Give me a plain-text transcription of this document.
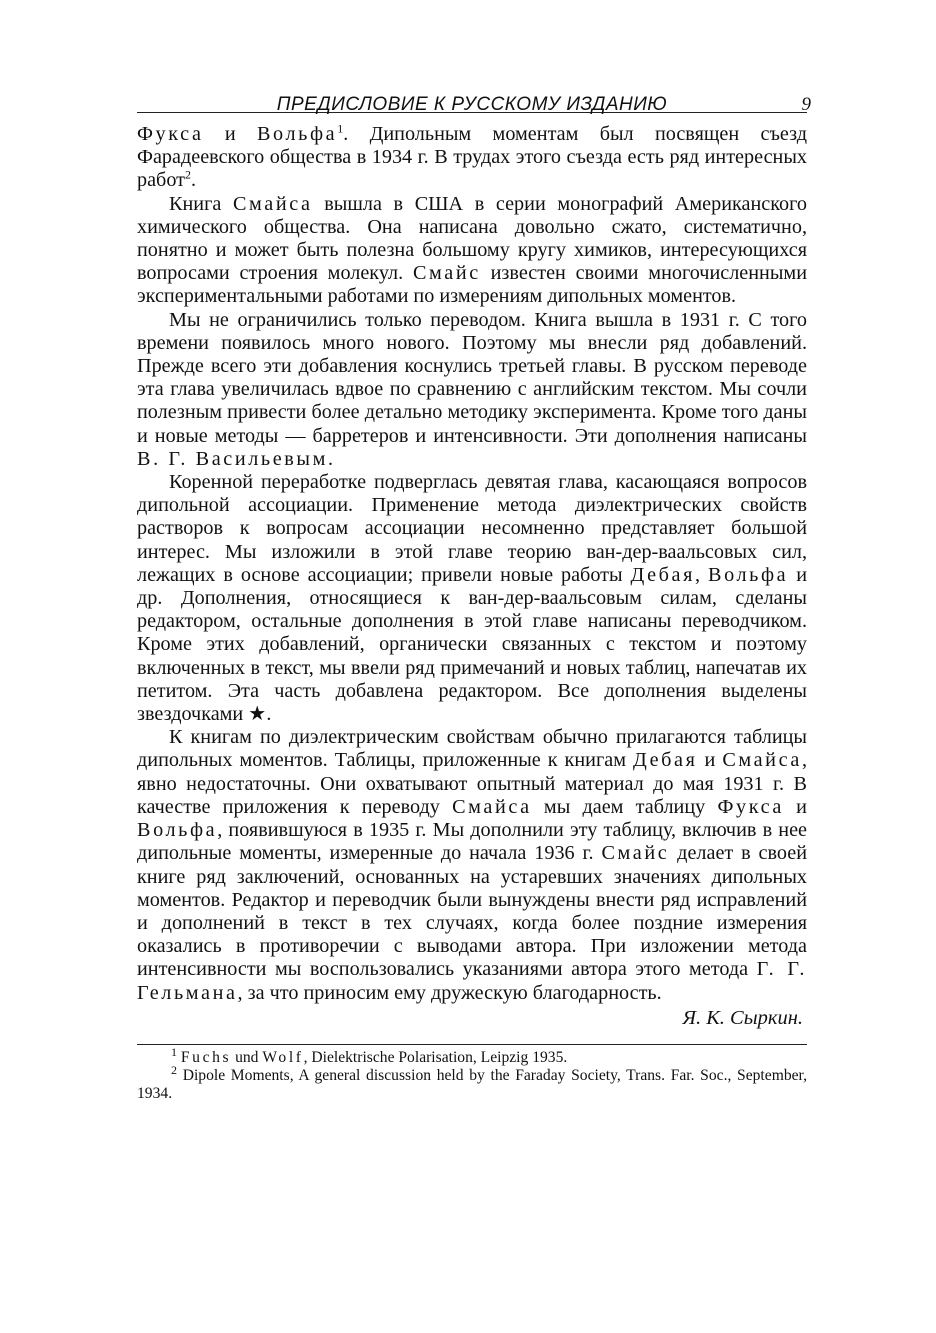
ПРЕДИСЛОВИЕ К РУССКОМУ ИЗДАНИЮ	9

Фукса и Вольфа$^1$. Дипольным моментам был посвящен съезд Фарадеевского общества в 1934 г. В трудах этого съезда есть ряд интересных работ$^2$.

Книга Смайса вышла в США в серии монографий Американского химического общества. Она написана довольно сжато, систематично, понятно и может быть полезна большому кругу химиков, интересующихся вопросами строения молекул. Смайс известен своими многочисленными экспериментальными работами по измерениям дипольных моментов.

Мы не ограничились только переводом. Книга вышла в 1931 г. С того времени появилось много нового. Поэтому мы внесли ряд добавлений. Прежде всего эти добавления коснулись третьей главы. В русском переводе эта глава увеличилась вдвое по сравнению с английским текстом. Мы сочли полезным привести более детально методику эксперимента. Кроме того даны и новые методы — барретеров и интенсивности. Эти дополнения написаны В. Г. Васильевым.

Коренной переработке подверглась девятая глава, касающаяся вопросов дипольной ассоциации. Применение метода диэлектрических свойств растворов к вопросам ассоциации несомненно представляет большой интерес. Мы изложили в этой главе теорию ван-дер-ваальсовых сил, лежащих в основе ассоциации; привели новые работы Дебая, Вольфа и др. Дополнения, относящиеся к ван-дер-ваальсовым силам, сделаны редактором, остальные дополнения в этой главе написаны переводчиком. Кроме этих добавлений, органически связанных с текстом и поэтому включенных в текст, мы ввели ряд примечаний и новых таблиц, напечатав их петитом. Эта часть добавлена редактором. Все дополнения выделены звездочками ★.

К книгам по диэлектрическим свойствам обычно прилагаются таблицы дипольных моментов. Таблицы, приложенные к книгам Дебая и Смайса, явно недостаточны. Они охватывают опытный материал до мая 1931 г. В качестве приложения к переводу Смайса мы даем таблицу Фукса и Вольфа, появившуюся в 1935 г. Мы дополнили эту таблицу, включив в нее дипольные моменты, измеренные до начала 1936 г. Смайс делает в своей книге ряд заключений, основанных на устаревших значениях дипольных моментов. Редактор и переводчик были вынуждены внести ряд исправлений и дополнений в текст в тех случаях, когда более поздние измерения оказались в противоречии с выводами автора. При изложении метода интенсивности мы воспользовались указаниями автора этого метода Г. Г. Гельмана, за что приносим ему дружескую благодарность.

Я. К. Сыркин.

$^1$ Fuchs und Wolf, Dielektrische Polarisation, Leipzig 1935.

$^2$ Dipole Moments, A general discussion held by the Faraday Society, Trans. Far. Soc., September, 1934.
